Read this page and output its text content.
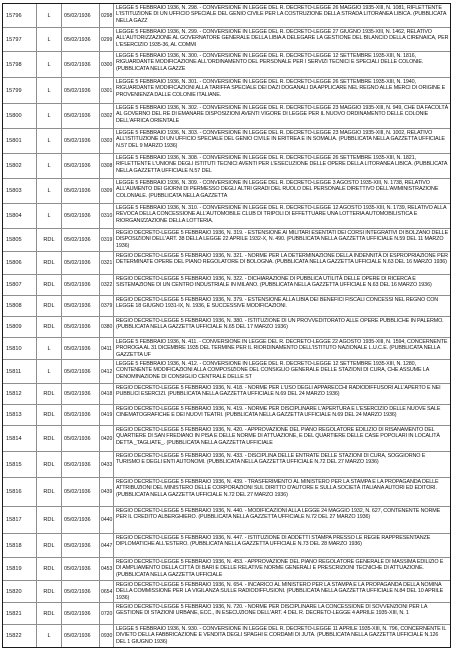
15796	L	05/02/1936 0298
LEGGE 5 FEBBRAIO 1936, N. 298. - CONVERSIONE IN LEGGE DEL R. DECRETO-LEGGE 26 MAGGIO 1935-XIII, N. 1081, RIFLETTENTE L'ISTITUZIONE DI UN UFFICIO SPECIALE DEL GENIO CIVILE PER LA COSTRUZIONE DELLA STRADA LITORANEA LIBICA. (PUBBLICATA NELLA GAZZ
15797	L	05/02/1936 0299
LEGGE 5 FEBBRAIO 1936, N. 299. - CONVERSIONE IN LEGGE DEL R. DECRETO-LEGGE 27 GIUGNO 1935-XIII, N. 1462, RELATIVO ALL'AUTORIZZAZIONE AL GOVERNATORE GENERALE DELLA LIBIA A DELEGARE LA GESTIONE DEL BILANCIO DELLA CIRENAICA, PER L'ESERCIZIO 1935-36, AL COMMI
15798	L	05/02/1936 0300
LEGGE 5 FEBBRAIO 1936, N. 300. - CONVERSIONE IN LEGGE DEL R. DECRETO-LEGGE 12 SETTEMBRE 1935-XIII, N. 1816, RIGUARDANTE MODIFICAZIONE ALL'ORDINAMENTO DEL PERSONALE PER I SERVIZI TECNICI E SPECIALI DELLE COLONIE. (PUBBLICATA NELLA GAZZE
15799	L	05/02/1936 0301
LEGGE 5 FEBBRAIO 1936, N. 301. - CONVERSIONE IN LEGGE DEL R. DECRETO-LEGGE 26 SETTEMBRE 1935-XIII, N. 1940, RIGUARDANTE MODIFICAZIONI ALLA TARIFFA SPECIALE DEI DAZI DOGANALI DA APPLICARE NEL REGNO ALLE MERCI DI ORIGINE E PROVENIENZA DALLE COLONIE ITALIANE.
15800	L	05/02/1936 0302
LEGGE 5 FEBBRAIO 1936, N. 302. - CONVERSIONE IN LEGGE DEL R. DECRETO-LEGGE 23 MAGGIO 1935-XIII, N. 949, CHE DA FACOLTÀ AL GOVERNO DEL RE DI EMANARE DISPOSIZIONI AVENTI VIGORE DI LEGGE PER IL NUOVO ORDINAMENTO DELLE COLONIE DELL'AFRICA ORIENTALE
15801	L	05/02/1936 0303
LEGGE 5 FEBBRAIO 1936, N. 303. - CONVERSIONE IN LEGGE DEL R. DECRETO-LEGGE 23 MAGGIO 1935-XIII, N. 1002, RELATIVO ALL'ISTITUZIONE DI UN UFFICIO SPECIALE DEL GENIO CIVILE IN ERITREA E IN SOMALIA. (PUBBLICATA NELLA GAZZETTA UFFICIALE N.57 DEL 9 MARZO 1936)
15802	L	05/02/1936 0308
LEGGE 5 FEBBRAIO 1936, N. 308. - CONVERSIONE IN LEGGE DEL R. DECRETO-LEGGE 26 SETTEMBRE 1935-XIII, N. 1821, RIFLETTENTE L'UNIONE DEGLI ISTITUTI TECNICI AVENTI PER L'ESECUZIONE DELLE OPERE DELLA LITORANEA LIBICA. (PUBBLICATA NELLA GAZZETTA UFFICIALE N.57 DEL
15803	L	05/02/1936 0309
LEGGE 5 FEBBRAIO 1936, N. 309. - CONVERSIONE IN LEGGE DEL R. DECRETO-LEGGE 3 AGOSTO 1935-XIII, N. 1738, RELATIVO ALL'AUMENTO DEI GIORNI DI PERMESSO DEGLI ALTRI GRADI DEL RUOLO DEL PERSONALE DIRETTIVO DELL'AMMINISTRAZIONE COLONIALE. (PUBBLICATA NELLA GAZZETTA
15804	L	05/02/1936 0310
LEGGE 5 FEBBRAIO 1936, N. 310. - CONVERSIONE IN LEGGE DEL R. DECRETO-LEGGE 12 AGOSTO 1935-XIII, N. 1739, RELATIVO ALLA REVOCA DELLA CONCESSIONE ALL'AUTOMOBILE CLUB DI TRIPOLI DI EFFETTUARE UNA LOTTERIA AUTOMOBILISTICA E RIORGANIZZAZIONE DELLA LOTTERIA.
15805	RDL 05/02/1936 0319
REGIO DECRETO-LEGGE 5 FEBBRAIO 1936, N. 319. - ESTENSIONE AI MILITARI ESENTATI DEI CORSI INTEGRATIVI DI BOLZANO DELLE DISPOSIZIONI DELL'ART. 38 DELLA LEGGE 22 APRILE 1932-X, N. 490. (PUBBLICATA NELLA GAZZETTA UFFICIALE N.59 DEL 11 MARZO 1936)
15806	RDL 05/02/1936 0321
REGIO DECRETO-LEGGE 5 FEBBRAIO 1936, N. 321. - NORME PER LA DETERMINAZIONE DELLA INDENNITÀ DI ESPROPRIAZIONE PER DETERMINATE OPERE DEL PIANO REGOLATORE DI BOLOGNA. (PUBBLICATA NELLA GAZZETTA UFFICIALE N.63 DEL 16 MARZO 1936)
15807	RDL 05/02/1936 0322
REGIO DECRETO-LEGGE 5 FEBBRAIO 1936, N. 322. - DICHIARAZIONE DI PUBBLICA UTILITÀ DELLE OPERE DI RICERCA E SISTEMAZIONE DI UN CENTRO INDUSTRIALE IN MILANO. (PUBBLICATA NELLA GAZZETTA UFFICIALE N.63 DEL 16 MARZO 1936)
15808	RDL 05/02/1936 0379
REGIO DECRETO-LEGGE 5 FEBBRAIO 1936, N. 379. - ESTENSIONE ALLA LIBIA DEI BENEFICI FISCALI CONCESSI NEL REGNO CON LEGGE 18 GIUGNO 1931-IX, N. 1936, E SUCCESSIVE MODIFICAZIONI.
15809	RDL 05/02/1936 0380
REGIO DECRETO-LEGGE 5 FEBBRAIO 1936, N. 380. - ISTITUZIONE DI UN PROVVEDITORATO ALLE OPERE PUBBLICHE IN PALERMO. (PUBBLICATA NELLA GAZZETTA UFFICIALE N.65 DEL 17 MARZO 1936)
15810	L	05/02/1936 0411
LEGGE 5 FEBBRAIO 1936, N. 411. - CONVERSIONE IN LEGGE DEL R. DECRETO-LEGGE 22 AGOSTO 1935-XIII, N. 1594, CONCERNENTE PROROGA AL 31 DICEMBRE 1935 DEL TERMINE PER IL RIORDINAMENTO DELL'ISTITUTO NAZIONALE L.U.C.E. (PUBBLICATA NELLA GAZZETTA UF
15811	L	05/02/1936 0412
LEGGE 5 FEBBRAIO 1936, N. 412. - CONVERSIONE IN LEGGE DEL R. DECRETO-LEGGE 12 SETTEMBRE 1935-XIII, N. 1280, CONTENENTE MODIFICAZIONI ALLA COMPOSIZIONE DEL CONSIGLIO GENERALE DELLE STAZIONI DI CURA, CHE ASSUME LA DENOMINAZIONE DI CONSIGLIO CENTRALE DELLE ST
15812	RDL 05/02/1936 0418
REGIO DECRETO-LEGGE 5 FEBBRAIO 1936, N. 418. - NORME PER L'USO DEGLI APPARECCHI RADIODIFFUSORI ALL'APERTO E NEI PUBBLICI ESERCIZI. (PUBBLICATA NELLA GAZZETTA UFFICIALE N.69 DEL 24 MARZO 1936)
15813	RDL 05/02/1936 0419
REGIO DECRETO-LEGGE 5 FEBBRAIO 1936, N. 419. - NORME PER DISCIPLINARE L'APERTURA E L'ESERCIZIO DELLE NUOVE SALE CINEMATOGRAFICHE E DEI NUOVI TEATRI. (PUBBLICATA NELLA GAZZETTA UFFICIALE N.69 DEL 24 MARZO 1936)
15814	RDL 05/02/1936 0420
REGIO DECRETO-LEGGE 5 FEBBRAIO 1936, N. 420. - APPROVAZIONE DEL PIANO REGOLATORE EDILIZIO DI RISANAMENTO DEL QUARTIERE DI SAN FREDIANO IN PISA E DELLE NORME DI ATTUAZIONE, E DEL QUARTIERE DELLE CASE POPOLARI IN LOCALITÀ DETTA _TAGLIATE_. (PUBBLICATA NELLA GAZZETTA UFFICIALE
15815	RDL 05/02/1936 0433
REGIO DECRETO-LEGGE 5 FEBBRAIO 1936, N. 433. - DISCIPLINA DELLE ENTRATE DELLE STAZIONI DI CURA, SOGGIORNO E TURISMO E DEGLI ENTI AUTONOMI. (PUBBLICATA NELLA GAZZETTA UFFICIALE N.72 DEL 27 MARZO 1936)
15816	RDL 05/02/1936 0439
REGIO DECRETO-LEGGE 5 FEBBRAIO 1936, N. 439. - TRASFERIMENTO AL MINISTERO PER LA STAMPA E LA PROPAGANDA DELLE ATTRIBUZIONI DEL MINISTERO DELLE CORPORAZIONI SUL DIRITTO D'AUTORE E SULLA SOCIETÀ ITALIANA AUTORI ED EDITORI. (PUBBLICATA NELLA GAZZETTA UFFICIALE N.72 DEL 27 MARZO 1936)
15817	RDL 05/02/1936 0440
REGIO DECRETO-LEGGE 5 FEBBRAIO 1936, N. 440. - MODIFICAZIONI ALLA LEGGE 24 MAGGIO 1932, N. 627, CONTENENTE NORME PER IL CREDITO ALBERGHIERO. (PUBBLICATA NELLA GAZZETTA UFFICIALE N.72 DEL 27 MARZO 1936)
15818	RDL 05/02/1936 0447
REGIO DECRETO-LEGGE 5 FEBBRAIO 1936, N. 447. - ISTITUZIONE DI ADDETTI STAMPA PRESSO LE REGIE RAPPRESENTANZE DIPLOMATICHE ALL'ESTERO. (PUBBLICATA NELLA GAZZETTA UFFICIALE N.73 DEL 28 MARZO 1936)
15819	RDL 05/02/1936 0453
REGIO DECRETO-LEGGE 5 FEBBRAIO 1936, N. 453. - APPROVAZIONE DEL PIANO REGOLATORE GENERALE DI MASSIMA EDILIZIO E DI AMPLIAMENTO DELLA CITTÀ DI BARI E DELLE RELATIVE NORME GENERALI E PRESCRIZIONI TECNICHE DI ATTUAZIONE. (PUBBLICATA NELLA GAZZETTA UFFICIALE
15820	RDL 05/02/1936 0654
REGIO DECRETO-LEGGE 5 FEBBRAIO 1936, N. 654. - INCARICO AL MINISTERO PER LA STAMPA E LA PROPAGANDA DELLA NOMINA DELLA COMMISSIONE PER LA VIGILANZA SULLE RADIODIFFUSIONI. (PUBBLICATA NELLA GAZZETTA UFFICIALE N.84 DEL 10 APRILE 1936)
15821	RDL 05/02/1936 0720
REGIO DECRETO-LEGGE 5 FEBBRAIO 1936, N. 720. - NORME PER DISCIPLINARE LA CONCESSIONE DI SOVVENZIONI PER LA GESTIONE DI STAZIONI URBANE, ECC., IN ESECUZIONE DELL'ART. 4 DEL R. DECRETO-LEGGE 4 APRILE 1935-XIII, N. 1
15822	L	05/02/1936 0930
LEGGE 5 FEBBRAIO 1936, N. 930. - CONVERSIONE IN LEGGE DEL R. DECRETO-LEGGE 11 APRILE 1935-XIII, N. 796, CONCERNENTE IL DIVIETO DELLA FABBRICAZIONE E VENDITA DEGLI SPAGHI E CORDAMI DI JUTA. (PUBBLICATA NELLA GAZZETTA UFFICIALE N.126 DEL 1 GIUGNO 1936)
